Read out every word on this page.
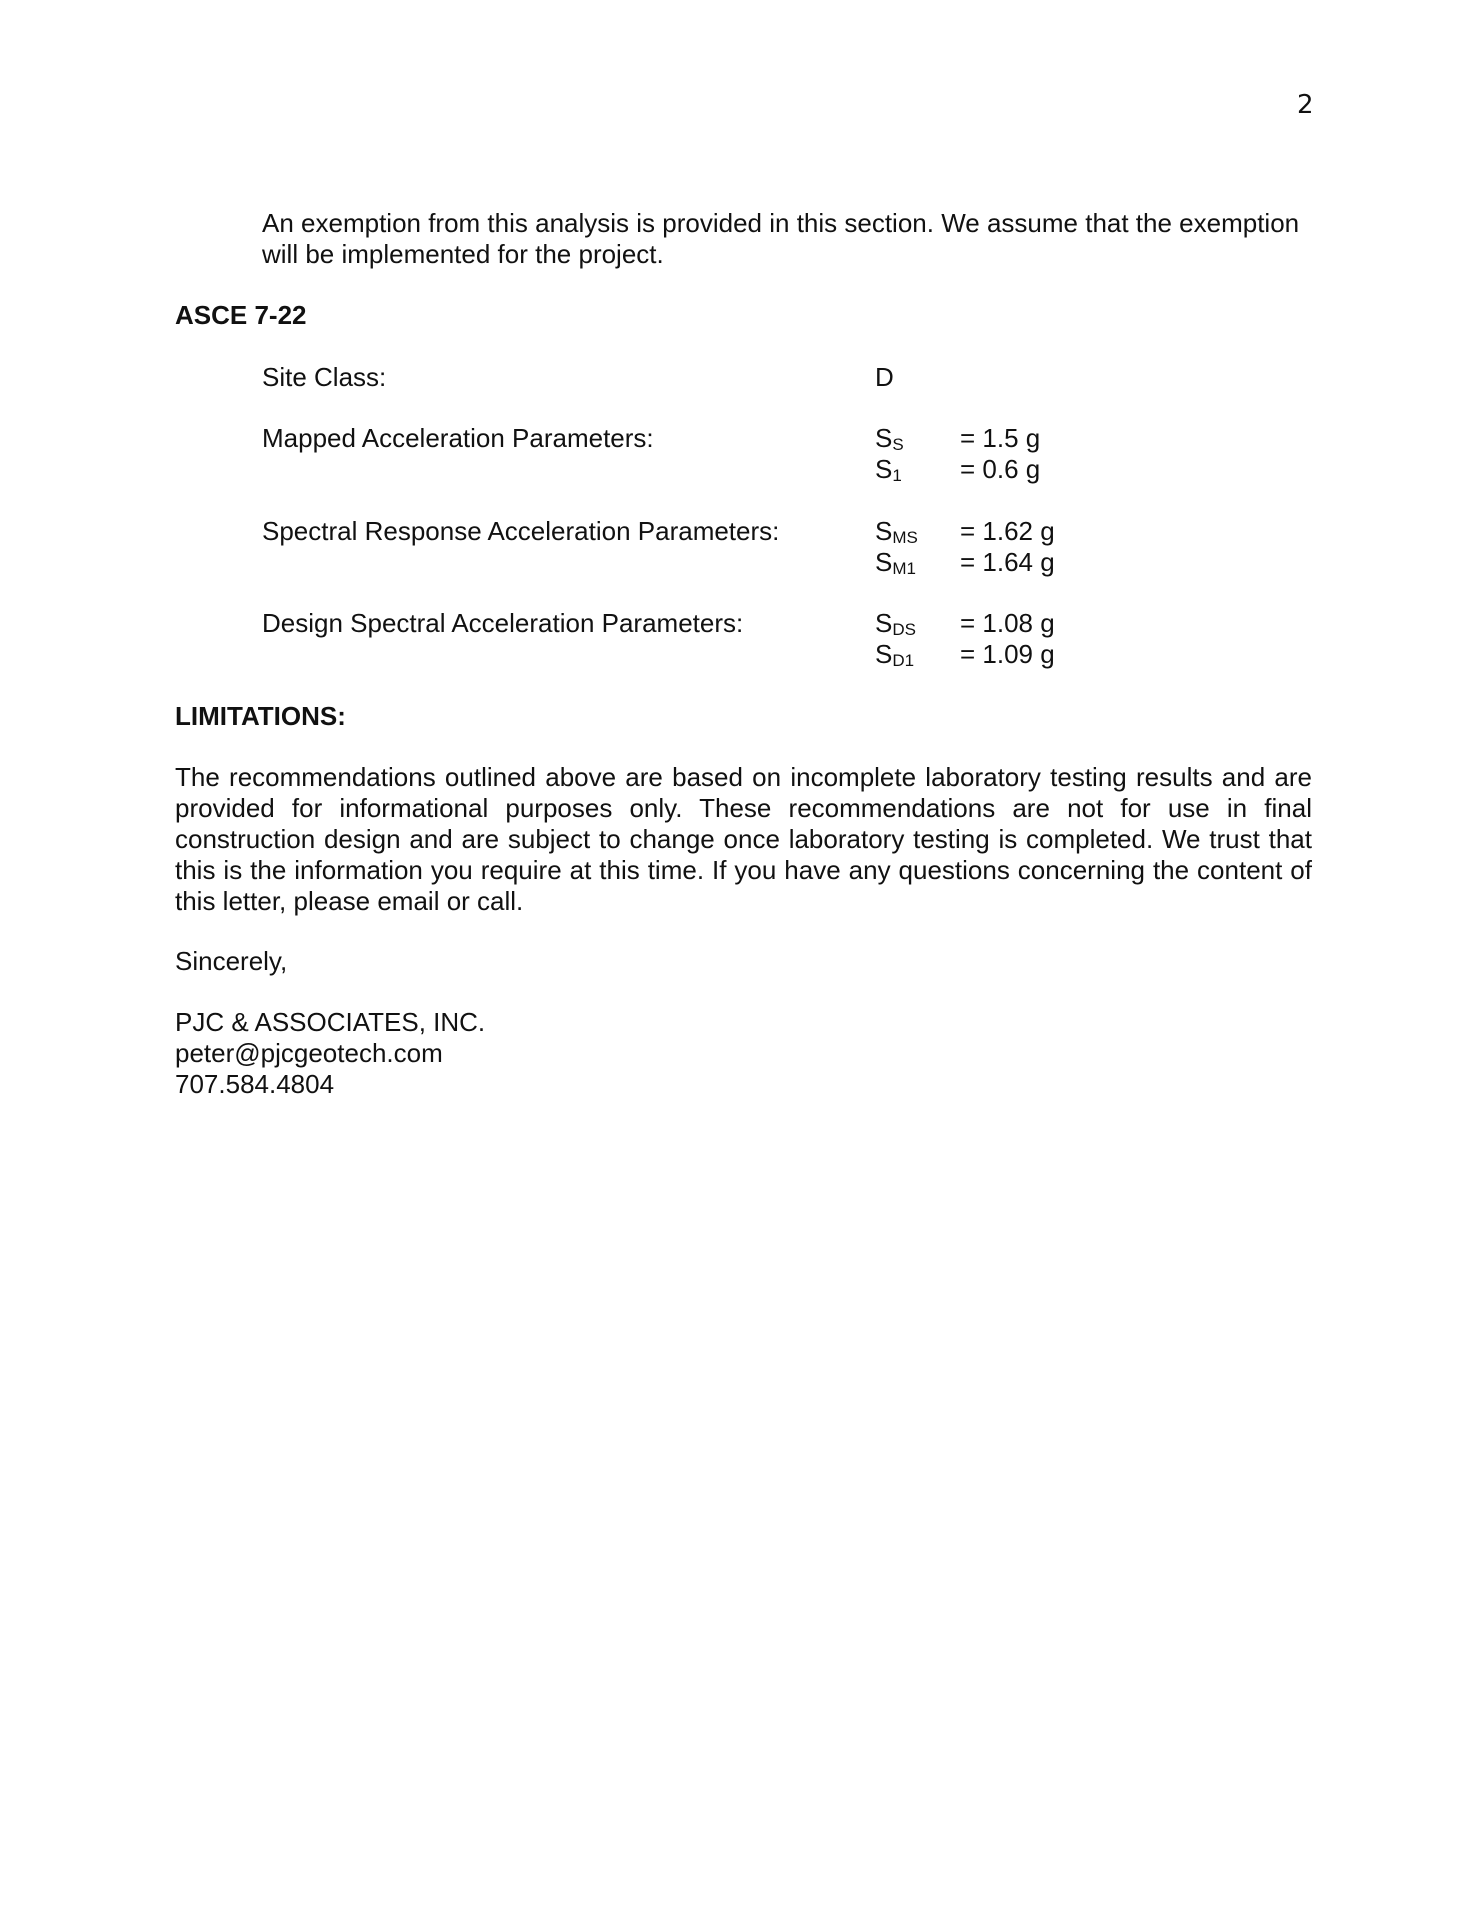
2
An exemption from this analysis is provided in this section. We assume that the exemption will be implemented for the project.
ASCE 7-22
Site Class:	D
Mapped Acceleration Parameters:	$S_S = 1.5$ g
$S_1 = 0.6$ g
Spectral Response Acceleration Parameters:	$S_{MS} = 1.62$ g
$S_{M1} = 1.64$ g
Design Spectral Acceleration Parameters:	$S_{DS} = 1.08$ g
$S_{D1} = 1.09$ g
LIMITATIONS:
The recommendations outlined above are based on incomplete laboratory testing results and are provided for informational purposes only. These recommendations are not for use in final construction design and are subject to change once laboratory testing is completed. We trust that this is the information you require at this time. If you have any questions concerning the content of this letter, please email or call.
Sincerely,
PJC & ASSOCIATES, INC.
peter@pjcgeotech.com
707.584.4804
